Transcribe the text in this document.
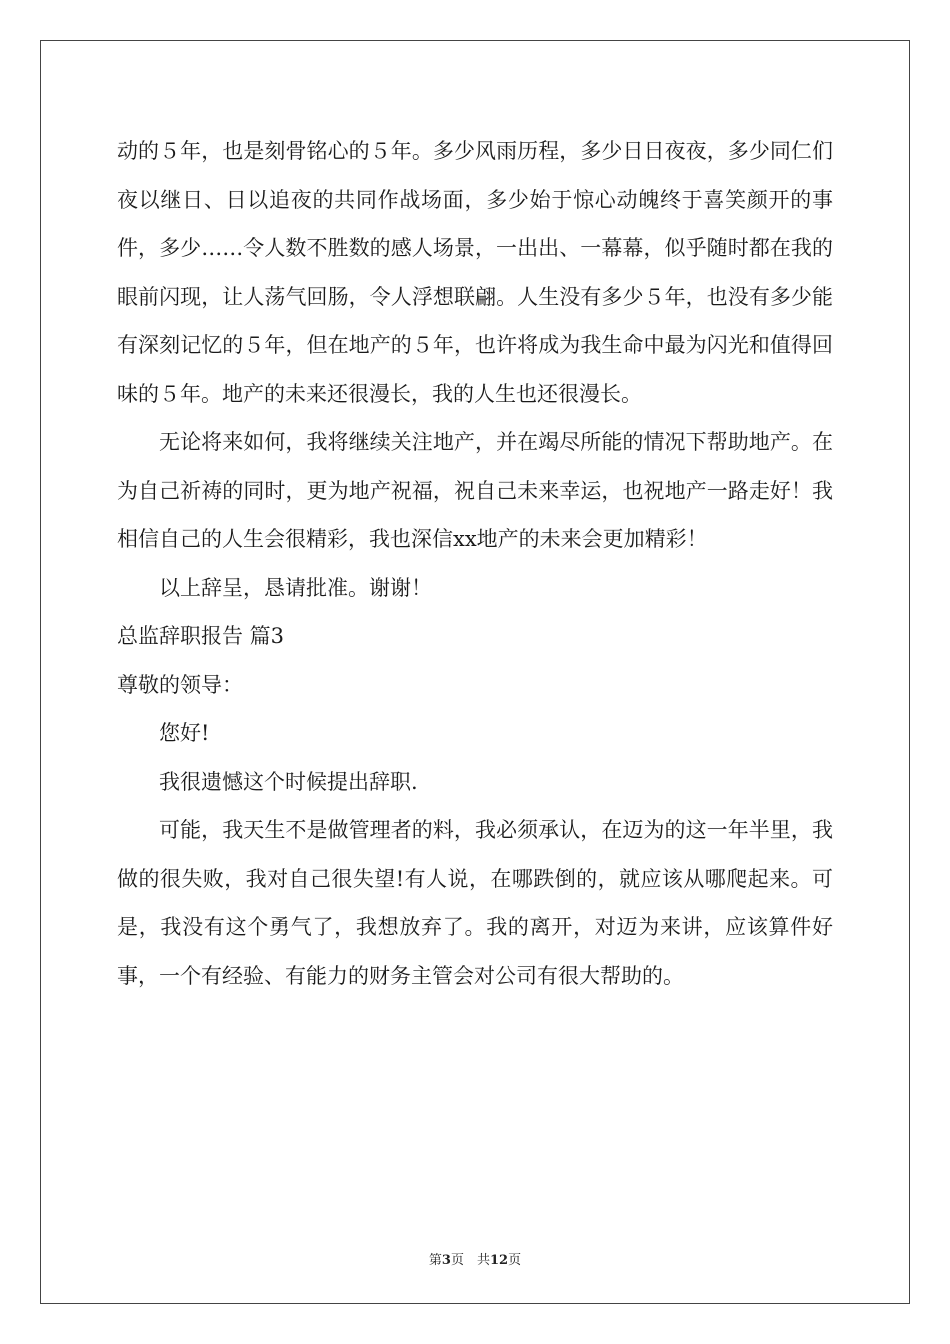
动的５年，也是刻骨铭心的５年。多少风雨历程，多少日日夜夜，多少同仁们夜以继日、日以追夜的共同作战场面，多少始于惊心动魄终于喜笑颜开的事件，多少……令人数不胜数的感人场景，一出出、一幕幕，似乎随时都在我的眼前闪现，让人荡气回肠，令人浮想联翩。人生没有多少５年，也没有多少能有深刻记忆的５年，但在地产的５年，也许将成为我生命中最为闪光和值得回味的５年。地产的未来还很漫长，我的人生也还很漫长。

无论将来如何，我将继续关注地产，并在竭尽所能的情况下帮助地产。在为自己祈祷的同时，更为地产祝福，祝自己未来幸运，也祝地产一路走好！我相信自己的人生会很精彩，我也深信xx地产的未来会更加精彩！

以上辞呈，恳请批准。谢谢！

总监辞职报告 篇3

尊敬的领导：

您好!

我很遗憾这个时候提出辞职.

可能，我天生不是做管理者的料，我必须承认，在迈为的这一年半里，我做的很失败，我对自己很失望!有人说，在哪跌倒的，就应该从哪爬起来。可是，我没有这个勇气了，我想放弃了。我的离开，对迈为来讲，应该算件好事，一个有经验、有能力的财务主管会对公司有很大帮助的。

第3页　共12页
